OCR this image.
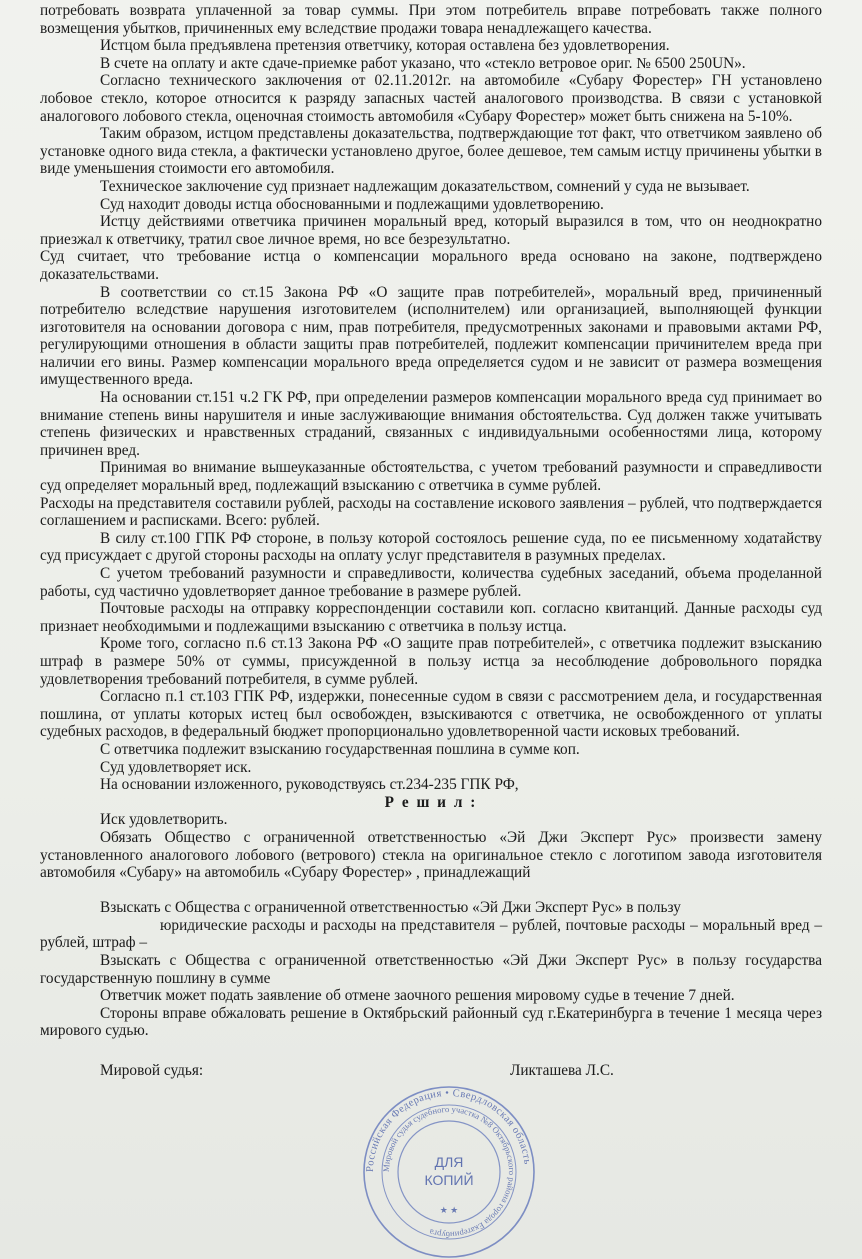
потребовать возврата уплаченной за товар суммы. При этом потребитель вправе потребовать также полного возмещения убытков, причиненных ему вследствие продажи товара ненадлежащего качества.

Истцом была предъявлена претензия ответчику, которая оставлена без удовлетворения.

В счете на оплату и акте сдаче-приемке работ указано, что «стекло ветровое ориг. № 6500 250UN».

Согласно технического заключения от 02.11.2012г. на автомобиле «Субару Форестер» ГН установлено лобовое стекло, которое относится к разряду запасных частей аналогового производства. В связи с установкой аналогового лобового стекла, оценочная стоимость автомобиля «Субару Форестер» может быть снижена на 5-10%.

Таким образом, истцом представлены доказательства, подтверждающие тот факт, что ответчиком заявлено об установке одного вида стекла, а фактически установлено другое, более дешевое, тем самым истцу причинены убытки в виде уменьшения стоимости его автомобиля.

Техническое заключение суд признает надлежащим доказательством, сомнений у суда не вызывает.

Суд находит доводы истца обоснованными и подлежащими удовлетворению.

Истцу действиями ответчика причинен моральный вред, который выразился в том, что он неоднократно приезжал к ответчику, тратил свое личное время, но все безрезультатно.

Суд считает, что требование истца о компенсации морального вреда основано на законе, подтверждено доказательствами.

В соответствии со ст.15 Закона РФ «О защите прав потребителей», моральный вред, причиненный потребителю вследствие нарушения изготовителем (исполнителем) или организацией, выполняющей функции изготовителя на основании договора с ним, прав потребителя, предусмотренных законами и правовыми актами РФ, регулирующими отношения в области защиты прав потребителей, подлежит компенсации причинителем вреда при наличии его вины. Размер компенсации морального вреда определяется судом и не зависит от размера возмещения имущественного вреда.

На основании ст.151 ч.2 ГК РФ, при определении размеров компенсации морального вреда суд принимает во внимание степень вины нарушителя и иные заслуживающие внимания обстоятельства. Суд должен также учитывать степень физических и нравственных страданий, связанных с индивидуальными особенностями лица, которому причинен вред.

Принимая во внимание вышеуказанные обстоятельства, с учетом требований разумности и справедливости суд определяет моральный вред, подлежащий взысканию с ответчика в сумме рублей.

Расходы на представителя составили рублей, расходы на составление искового заявления – рублей, что подтверждается соглашением и расписками. Всего: рублей.

В силу ст.100 ГПК РФ стороне, в пользу которой состоялось решение суда, по ее письменному ходатайству суд присуждает с другой стороны расходы на оплату услуг представителя в разумных пределах.

С учетом требований разумности и справедливости, количества судебных заседаний, объема проделанной работы, суд частично удовлетворяет данное требование в размере рублей.

Почтовые расходы на отправку корреспонденции составили коп. согласно квитанций. Данные расходы суд признает необходимыми и подлежащими взысканию с ответчика в пользу истца.

Кроме того, согласно п.6 ст.13 Закона РФ «О защите прав потребителей», с ответчика подлежит взысканию штраф в размере 50% от суммы, присужденной в пользу истца за несоблюдение добровольного порядка удовлетворения требований потребителя, в сумме рублей.

Согласно п.1 ст.103 ГПК РФ, издержки, понесенные судом в связи с рассмотрением дела, и государственная пошлина, от уплаты которых истец был освобожден, взыскиваются с ответчика, не освобожденного от уплаты судебных расходов, в федеральный бюджет пропорционально удовлетворенной части исковых требований.

С ответчика подлежит взысканию государственная пошлина в сумме коп.

Суд удовлетворяет иск.

На основании изложенного, руководствуясь ст.234-235 ГПК РФ,

Р е ш и л :

Иск удовлетворить.

Обязать Общество с ограниченной ответственностью «Эй Джи Эксперт Рус» произвести замену установленного аналогового лобового (ветрового) стекла на оригинальное стекло с логотипом завода изготовителя автомобиля «Субару» на автомобиль «Субару Форестер» , принадлежащий

Взыскать с Общества с ограниченной ответственностью «Эй Джи Эксперт Рус» в пользу

юридические расходы и расходы на представителя – рублей, почтовые расходы – моральный вред – рублей, штраф –

Взыскать с Общества с ограниченной ответственностью «Эй Джи Эксперт Рус» в пользу государства государственную пошлину в сумме

Ответчик может подать заявление об отмене заочного решения мировому судье в течение 7 дней.

Стороны вправе обжаловать решение в Октябрьский районный суд г.Екатеринбурга в течение 1 месяца через мирового судью.

Мировой судья:	Ликташева Л.С.
Российская Федерация • Свердловская область
Мировой судья судебного участка №8 Октябрьского района города Екатеринбурга
ДЛЯ
КОПИЙ
★ ★
